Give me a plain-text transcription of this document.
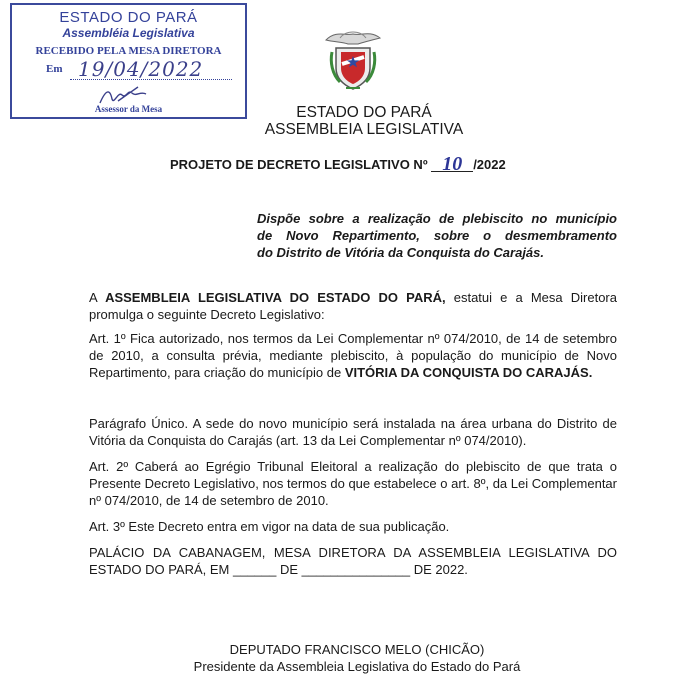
ESTADO DO PARÁ
Assembléia Legislativa
RECEBIDO PELA MESA DIRETORA
Em 19/04/2022
Assessor da Mesa	ESTADO DO PARÁ
ASSEMBLEIA LEGISLATIVA
PROJETO DE DECRETO LEGISLATIVO Nº 10 /2022
Dispõe sobre a realização de plebiscito no município
de Novo Repartimento, sobre o desmembramento
do Distrito de Vitória da Conquista do Carajás.

A ASSEMBLEIA LEGISLATIVA DO ESTADO DO PARÁ, estatui e a Mesa Diretora promulga o seguinte Decreto Legislativo:

Art. 1º Fica autorizado, nos termos da Lei Complementar nº 074/2010, de 14 de setembro de 2010, a consulta prévia, mediante plebiscito, à população do município de Novo Repartimento, para criação do município de VITÓRIA DA CONQUISTA DO CARAJÁS.

Parágrafo Único. A sede do novo município será instalada na área urbana do Distrito de Vitória da Conquista do Carajás (art. 13 da Lei Complementar nº 074/2010).

Art. 2º Caberá ao Egrégio Tribunal Eleitoral a realização do plebiscito de que trata o Presente Decreto Legislativo, nos termos do que estabelece o art. 8º, da Lei Complementar nº 074/2010, de 14 de setembro de 2010.

Art. 3º Este Decreto entra em vigor na data de sua publicação.

PALÁCIO DA CABANAGEM, MESA DIRETORA DA ASSEMBLEIA LEGISLATIVA DO ESTADO DO PARÁ, EM ______ DE _______________ DE 2022.

DEPUTADO FRANCISCO MELO (CHICÃO)
Presidente da Assembleia Legislativa do Estado do Pará
